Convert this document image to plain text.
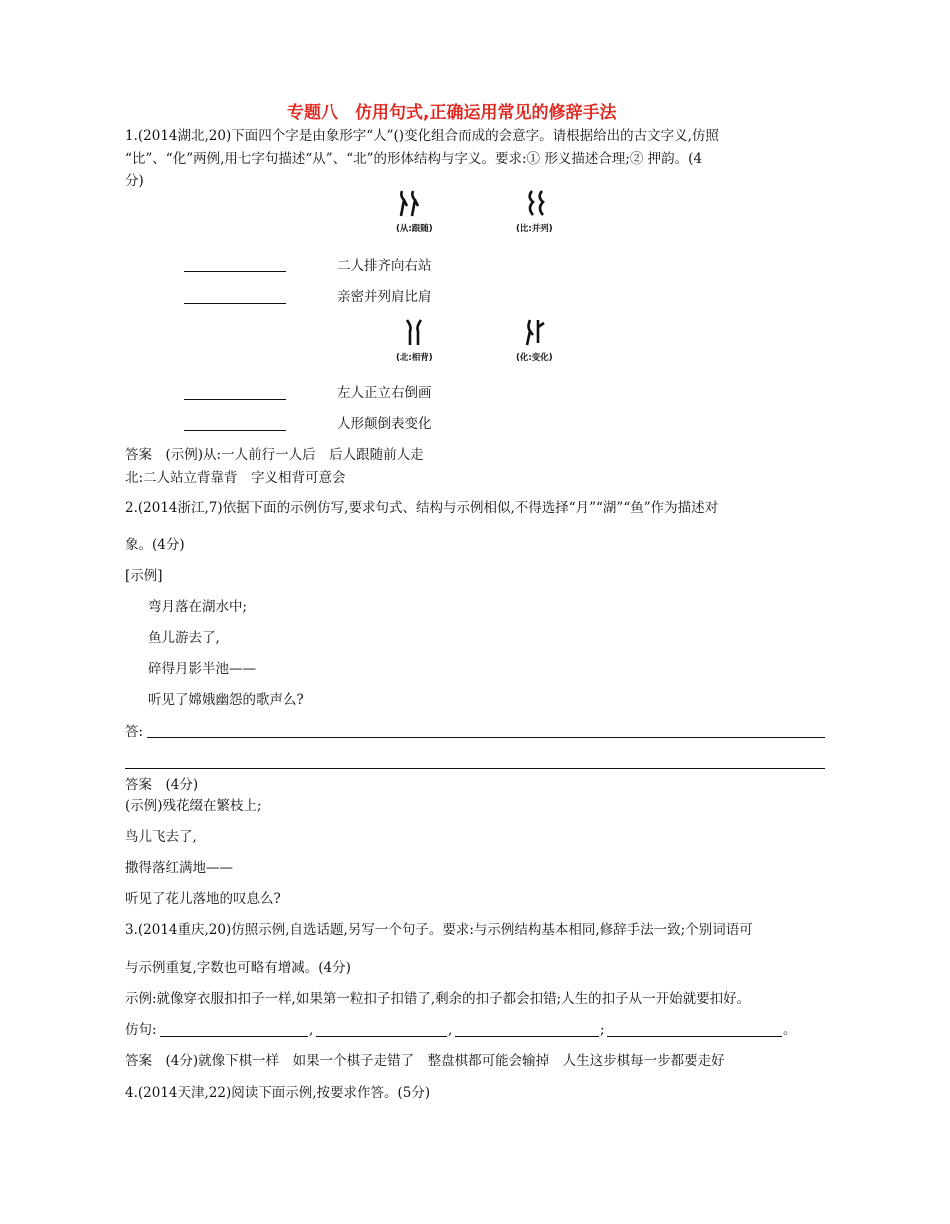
专题八　仿用句式,正确运用常见的修辞手法
1.(2014湖北,20)下面四个字是由象形字“人”()变化组合而成的会意字。请根据给出的古文字义,仿照
“比”、“化”两例,用七字句描述“从”、“北”的形体结构与字义。要求:① 形义描述合理;② 押韵。(4
分)
(从:跟随)	(比:并列)
二人排齐向右站
亲密并列肩比肩
(北:相背)	(化:变化)
左人正立右倒画
人形颠倒表变化
答案　(示例)从:一人前行一人后　后人跟随前人走
北:二人站立背靠背　字义相背可意会
2.(2014浙江,7)依据下面的示例仿写,要求句式、结构与示例相似,不得选择“月”“湖”“鱼”作为描述对
象。(4分)
[示例]
弯月落在湖水中;
鱼儿游去了,
碎得月影半池——
听见了嫦娥幽怨的歌声么?
答:
答案　(4分)
(示例)残花缀在繁枝上;
鸟儿飞去了,
撒得落红满地——
听见了花儿落地的叹息么?
3.(2014重庆,20)仿照示例,自选话题,另写一个句子。要求:与示例结构基本相同,修辞手法一致;个别词语可
与示例重复,字数也可略有增减。(4分)
示例:就像穿衣服扣扣子一样,如果第一粒扣子扣错了,剩余的扣子都会扣错;人生的扣子从一开始就要扣好。
仿句:	,	,	;	。
答案　(4分)就像下棋一样　如果一个棋子走错了　整盘棋都可能会输掉　人生这步棋每一步都要走好
4.(2014天津,22)阅读下面示例,按要求作答。(5分)
